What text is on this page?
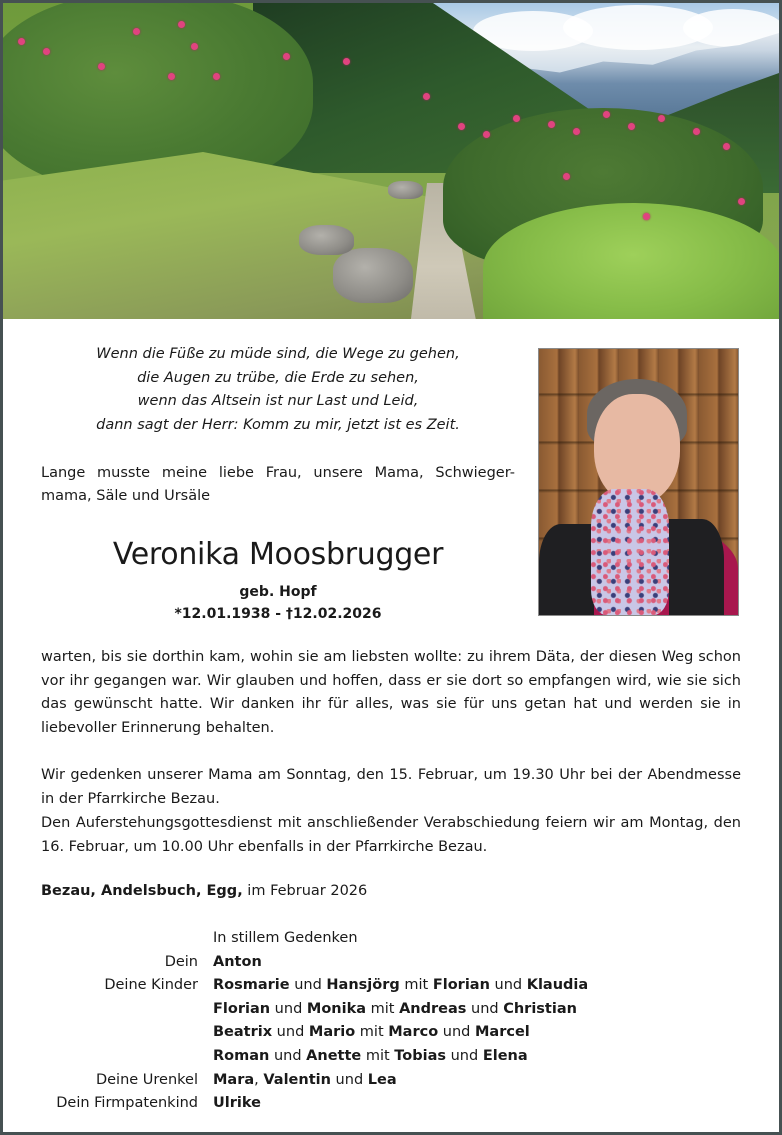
Wenn die Füße zu müde sind, die Wege zu gehen,
die Augen zu trübe, die Erde zu sehen,
wenn das Altsein ist nur Last und Leid,
dann sagt der Herr: Komm zu mir, jetzt ist es Zeit.
Lange musste meine liebe Frau, unsere Mama, Schwieger-mama, Säle und Ursäle
Veronika Moosbrugger
geb. Hopf
*12.01.1938 - †12.02.2026
warten, bis sie dorthin kam, wohin sie am liebsten wollte: zu ihrem Däta, der diesen Weg schon vor ihr gegangen war. Wir glauben und hoffen, dass er sie dort so empfangen wird, wie sie sich das gewünscht hatte. Wir danken ihr für alles, was sie für uns getan hat und werden sie in liebevoller Erinnerung behalten.
Wir gedenken unserer Mama am Sonntag, den 15. Februar, um 19.30 Uhr bei der Abendmesse in der Pfarrkirche Bezau.
Den Auferstehungsgottesdienst mit anschließender Verabschiedung feiern wir am Montag, den 16. Februar, um 10.00 Uhr ebenfalls in der Pfarrkirche Bezau.
Bezau, Andelsbuch, Egg, im Februar 2026
In stillem Gedenken
Dein	Anton
Deine Kinder	Rosmarie und Hansjörg mit Florian und Klaudia
Florian und Monika mit Andreas und Christian
Beatrix und Mario mit Marco und Marcel
Roman und Anette mit Tobias und Elena
Deine Urenkel	Mara, Valentin und Lea
Dein Firmpatenkind	Ulrike
